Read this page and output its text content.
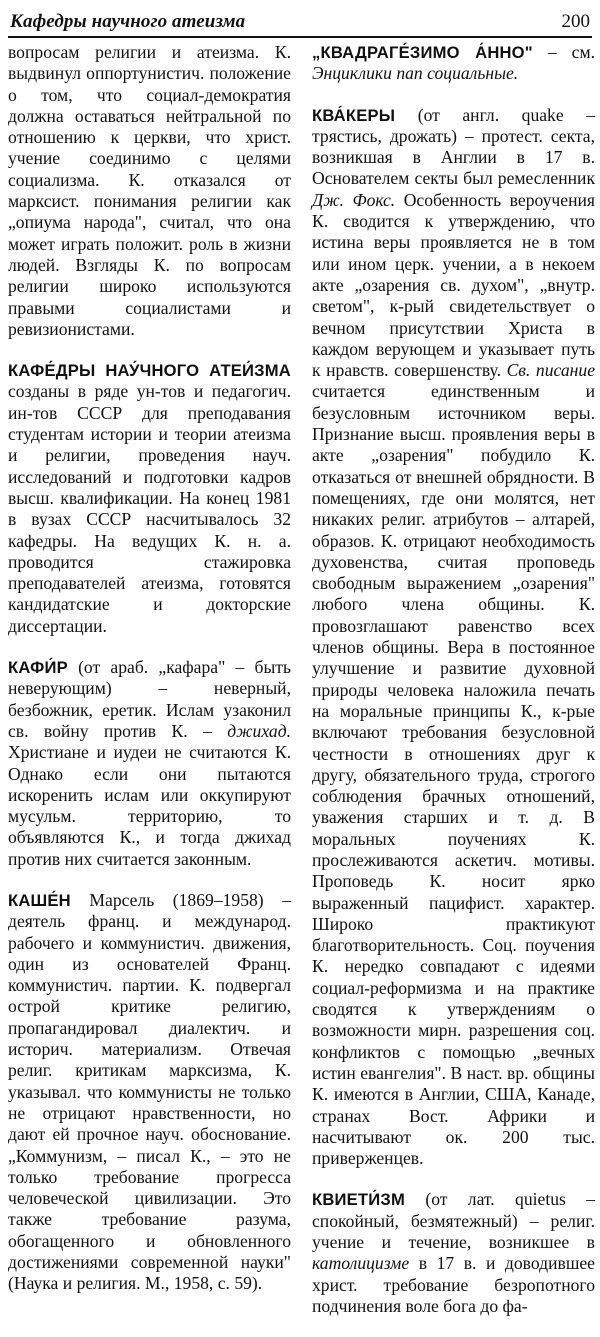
Кафедры научного атеизма	200

вопросам религии и атеизма. К. выдвинул оппортунистич. положение о том, что социал-демократия должна оставаться нейтральной по отношению к церкви, что христ. учение соединимо с целями социализма. К. отказался от марксист. понимания религии как „опиума народа", считал, что она может играть положит. роль в жизни людей. Взгляды К. по вопросам религии широко используются правыми социалистами и ревизионистами.

КАФЕ́ДРЫ НАУ́ЧНОГО АТЕИ́ЗМА созданы в ряде ун-тов и педагогич. ин-тов СССР для преподавания студентам истории и теории атеизма и религии, проведения науч. исследований и подготовки кадров высш. квалификации. На конец 1981 в вузах СССР насчитывалось 32 кафедры. На ведущих К. н. а. проводится стажировка преподавателей атеизма, готовятся кандидатские и докторские диссертации.

КАФИ́Р (от араб. „кафара" – быть неверующим) – неверный, безбожник, еретик. Ислам узаконил св. войну против К. – джихад. Христиане и иудеи не считаются К. Однако если они пытаются искоренить ислам или оккупируют мусульм. территорию, то объявляются К., и тогда джихад против них считается законным.

КАШЕ́Н Марсель (1869–1958) – деятель франц. и международ. рабочего и коммунистич. движения, один из основателей Франц. коммунистич. партии. К. подвергал острой критике религию, пропагандировал диалектич. и историч. материализм. Отвечая религ. критикам марксизма, К. указывал. что коммунисты не только не отрицают нравственности, но дают ей прочное науч. обоснование. „Коммунизм, – писал К., – это не только требование прогресса человеческой цивилизации. Это также требование разума, обогащенного и обновленного достижениями современной науки" (Наука и религия. М., 1958, с. 59).

„КВАДРАГЕ́ЗИМО А́ННО" – см. Энциклики пап социальные.

КВА́КЕРЫ (от англ. quake – трястись, дрожать) – протест. секта, возникшая в Англии в 17 в. Основателем секты был ремесленник Дж. Фокс. Особенность вероучения К. сводится к утверждению, что истина веры проявляется не в том или ином церк. учении, а в некоем акте „озарения св. духом", „внутр. светом", к-рый свидетельствует о вечном присутствии Христа в каждом верующем и указывает путь к нравств. совершенству. Св. писание считается единственным и безусловным источником веры. Признание высш. проявления веры в акте „озарения" побудило К. отказаться от внешней обрядности. В помещениях, где они молятся, нет никаких религ. атрибутов – алтарей, образов. К. отрицают необходимость духовенства, считая проповедь свободным выражением „озарения" любого члена общины. К. провозглашают равенство всех членов общины. Вера в постоянное улучшение и развитие духовной природы человека наложила печать на моральные принципы К., к-рые включают требования безусловной честности в отношениях друг к другу, обязательного труда, строгого соблюдения брачных отношений, уважения старших и т. д. В моральных поучениях К. прослеживаются аскетич. мотивы. Проповедь К. носит ярко выраженный пацифист. характер. Широко практикуют благотворительность. Соц. поучения К. нередко совпадают с идеями социал-реформизма и на практике сводятся к утверждениям о возможности мирн. разрешения соц. конфликтов с помощью „вечных истин евангелия". В наст. вр. общины К. имеются в Англии, США, Канаде, странах Вост. Африки и насчитывают ок. 200 тыс. приверженцев.

КВИЕТИ́ЗМ (от лат. quietus – спокойный, безмятежный) – религ. учение и течение, возникшее в католицизме в 17 в. и доводившее христ. требование безропотного подчинения воле бога до фа-
